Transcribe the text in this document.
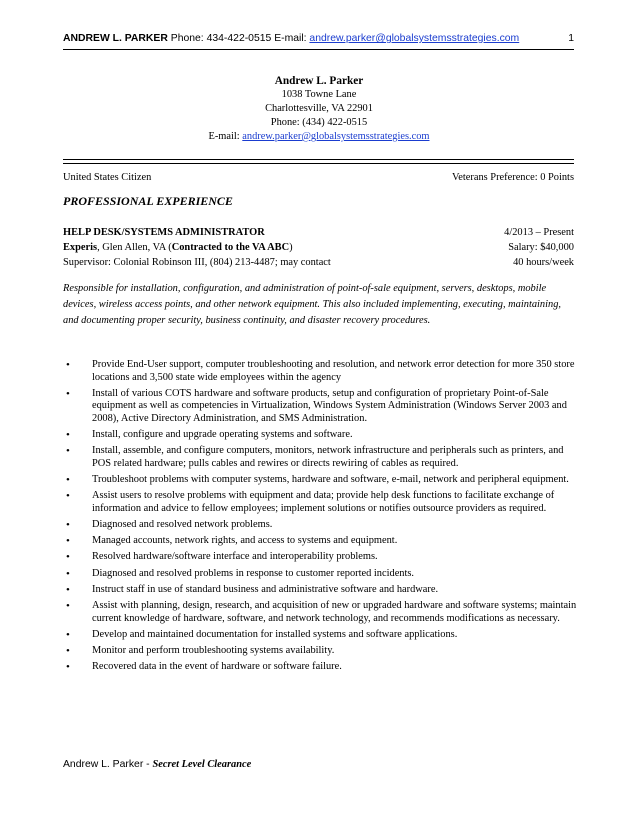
ANDREW L. PARKER Phone: 434-422-0515 E-mail: andrew.parker@globalsystemsstrategies.com	1
Andrew L. Parker
1038 Towne Lane
Charlottesville, VA 22901
Phone: (434) 422-0515
E-mail: andrew.parker@globalsystemsstrategies.com
United States Citizen	Veterans Preference: 0 Points
PROFESSIONAL EXPERIENCE
HELP DESK/SYSTEMS ADMINISTRATOR	4/2013 – Present
Experis, Glen Allen, VA (Contracted to the VA ABC)	Salary: $40,000
Supervisor: Colonial Robinson III, (804) 213-4487; may contact	40 hours/week
Responsible for installation, configuration, and administration of point-of-sale equipment, servers, desktops, mobile devices, wireless access points, and other network equipment. This also included implementing, executing, maintaining, and documenting proper security, business continuity, and disaster recovery procedures.
• Provide End-User support, computer troubleshooting and resolution, and network error detection for more 350 store locations and 3,500 state wide employees within the agency
• Install of various COTS hardware and software products, setup and configuration of proprietary Point-of-Sale equipment as well as competencies in Virtualization, Windows System Administration (Windows Server 2003 and 2008), Active Directory Administration, and SMS Administration.
• Install, configure and upgrade operating systems and software.
• Install, assemble, and configure computers, monitors, network infrastructure and peripherals such as printers, and POS related hardware; pulls cables and rewires or directs rewiring of cables as required.
• Troubleshoot problems with computer systems, hardware and software, e-mail, network and peripheral equipment.
• Assist users to resolve problems with equipment and data; provide help desk functions to facilitate exchange of information and advice to fellow employees; implement solutions or notifies outsource providers as required.
• Diagnosed and resolved network problems.
• Managed accounts, network rights, and access to systems and equipment.
• Resolved hardware/software interface and interoperability problems.
• Diagnosed and resolved problems in response to customer reported incidents.
• Instruct staff in use of standard business and administrative software and hardware.
• Assist with planning, design, research, and acquisition of new or upgraded hardware and software systems; maintain current knowledge of hardware, software, and network technology, and recommends modifications as necessary.
• Develop and maintained documentation for installed systems and software applications.
• Monitor and perform troubleshooting systems availability.
• Recovered data in the event of hardware or software failure.
Andrew L. Parker - Secret Level Clearance
